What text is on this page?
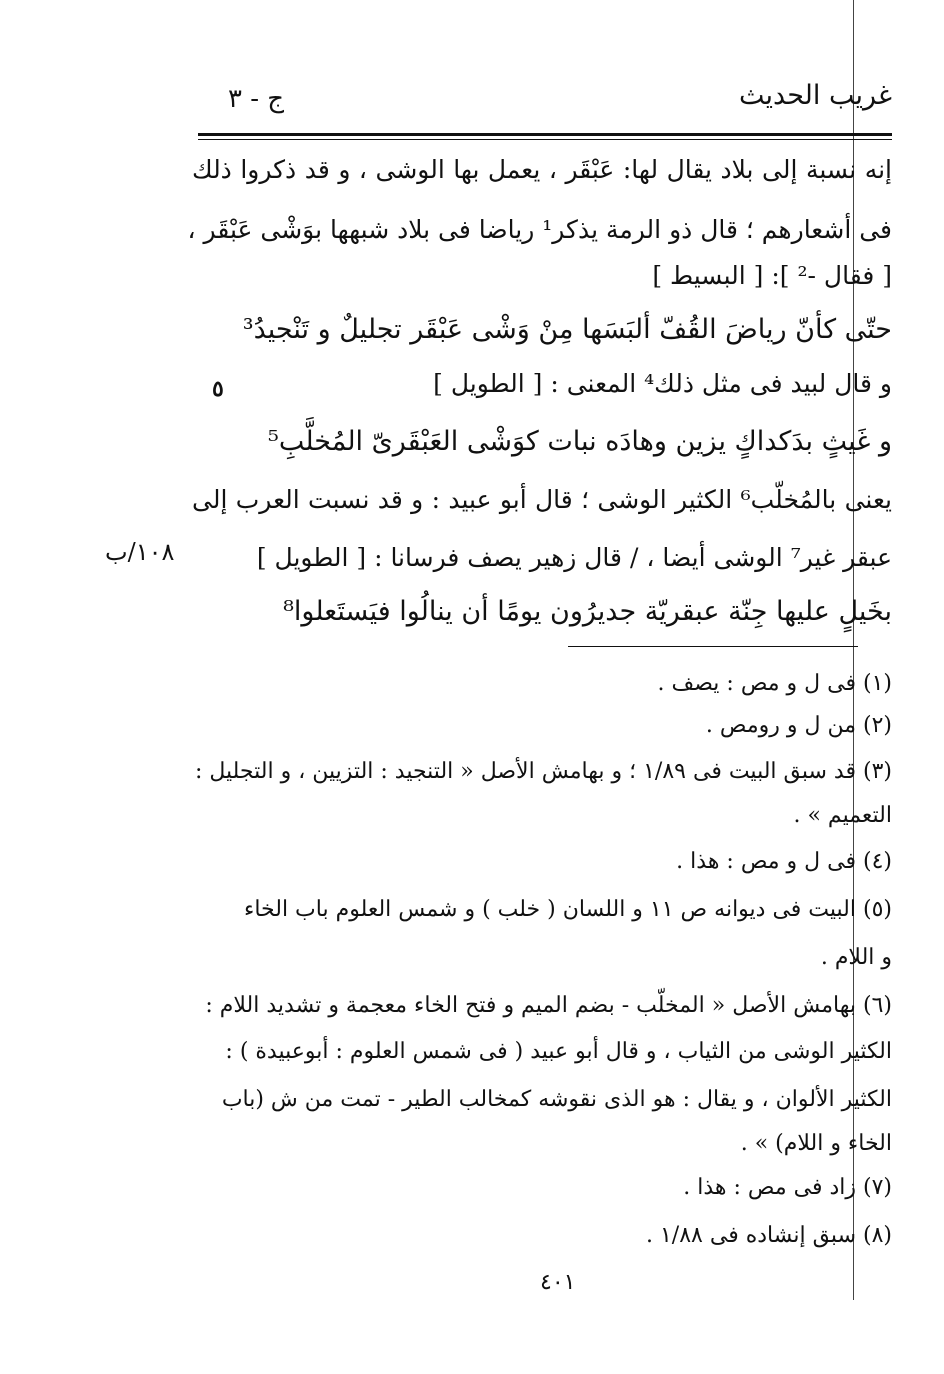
غريب الحديث
ج - ٣
إنه نسبة إلى بلاد يقال لها: عَبْقَر ، يعمل بها الوشى ، و قد ذكروا ذلك
فى أشعارهم ؛ قال ذو الرمة يذكر¹ رياضا فى بلاد شبهها بوَشْى عَبْقَر ،
[ فقال -² ]: [ البسيط ]
حتّى كأنّ رياضَ القُفّ ألبَسَها مِنْ وَشْى عَبْقَر تجليلٌ و تَنْجيدُ³
و قال لبيد فى مثل ذلك⁴ المعنى : [ الطويل ]
و غَيثٍ بدَكداكٍ يزين وهادَه نبات كوَشْى العَبْقَرىّ المُخلَّبِ⁵
يعنى بالمُخلّب⁶ الكثير الوشى ؛ قال أبو عبيد : و قد نسبت العرب إلى
عبقر غير⁷ الوشى أيضا ، / قال زهير يصف فرسانا : [ الطويل ]
بخَيلٍ عليها جِنّة عبقريّة جديرُون يومًا أن ينالُوا فيَستَعلوا⁸
٥
١٠٨/ب
(١) فى ل و مص : يصف .
(٢) من ل و رومص .
(٣) قد سبق البيت فى ١/٨٩ ؛ و بهامش الأصل « التنجيد : التزيين ، و التجليل :
التعميم » .
(٤) فى ل و مص : هذا .
(٥) البيت فى ديوانه ص ١١ و اللسان ( خلب ) و شمس العلوم باب الخاء
و اللام .
(٦) بهامش الأصل « المخلّب - بضم الميم و فتح الخاء معجمة و تشديد اللام :
الكثير الوشى من الثياب ، و قال أبو عبيد ( فى شمس العلوم : أبوعبيدة ) :
الكثير الألوان ، و يقال : هو الذى نقوشه كمخالب الطير - تمت من ش (باب
الخاء و اللام) » .
(٧) زاد فى مص : هذا .
(٨) سبق إنشاده فى ١/٨٨ .
٤٠١
